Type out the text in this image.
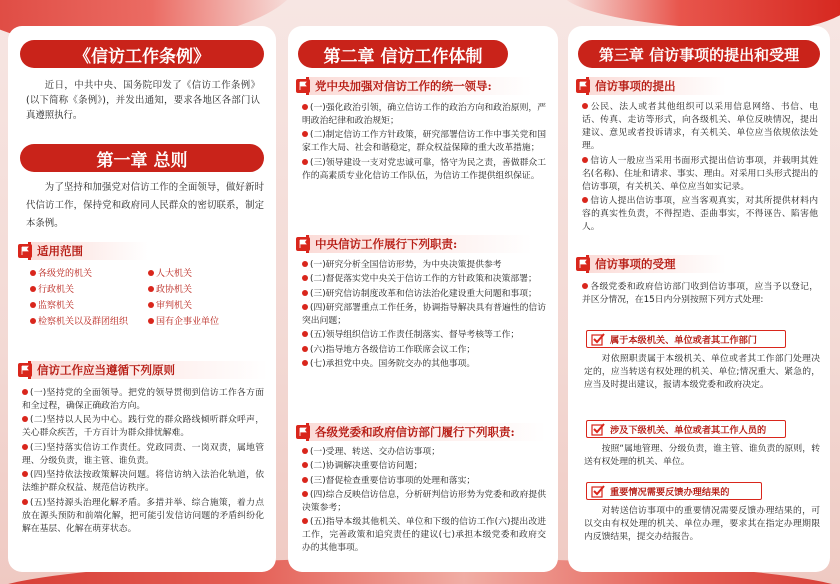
《信访工作条例》
近日，中共中央、国务院印发了《信访工作条例》(以下简称《条例》)，并发出通知，要求各地区各部门认真遵照执行。
第一章 总则
为了坚持和加强党对信访工作的全面领导，做好新时代信访工作，保持党和政府同人民群众的密切联系，制定本条例。
适用范围
各级党的机关	人大机关
行政机关	政协机关
监察机关	审判机关
检察机关以及群团组织	国有企事业单位
信访工作应当遵循下列原则
(一)坚持党的全面领导。把党的领导贯彻到信访工作各方面和全过程，确保正确政治方向。
(二)坚持以人民为中心。践行党的群众路线倾听群众呼声，关心群众疾苦，千方百计为群众排忧解难。
(三)坚持落实信访工作责任。党政同责、一岗双责，属地管理、分级负责，谁主管、谁负责。
(四)坚持依法按政策解决问题。将信访纳入法治化轨道，依法维护群众权益、规范信访秩序。
(五)坚持源头治理化解矛盾。多措并举、综合施策，着力点放在源头预防和前端化解，把可能引发信访问题的矛盾纠纷化解在基层、化解在萌芽状态。
第二章 信访工作体制
党中央加强对信访工作的统一领导:
(一)强化政治引领，确立信访工作的政治方向和政治原则，严明政治纪律和政治规矩；
(二)制定信访工作方针政策，研究部署信访工作中事关党和国家工作大局、社会和谐稳定，群众权益保障的重大改革措施；
(三)领导建设一支对党忠诚可靠，恪守为民之责，善做群众工作的高素质专业化信访工作队伍，为信访工作提供组织保证。
中央信访工作展行下列职责:
(一)研究分析全国信访形势，为中央决策提供参考
(二)督促落实党中央关于信访工作的方针政策和决策部署；
(三)研究信访制度改革和信访法治化建设重大问题和事项；
(四)研究部署重点工作任务，协调指导解决具有普遍性的信访突出问题；
(五)领导组织信访工作责任制落实、督导考核等工作；
(六)指导地方各级信访工作联席会议工作；
(七)承担党中央。国务院交办的其他事项。
各级党委和政府信访部门履行下列职责:
(一)受理、转送、交办信访事项；
(二)协调解决重要信访问题；
(三)督促检查重要信访事项的处理和落实；
(四)综合反映信访信息，分析研判信访形势为党委和政府提供决策参考；
(五)指导本级其他机关、单位和下级的信访工作(六)提出改进工作，完善政策和追究责任的建议(七)承担本级党委和政府交办的其他事项。
第三章 信访事项的提出和受理
信访事项的提出
公民、法人或者其他组织可以采用信息网络、书信、电话、传真、走访等形式，向各级机关、单位反映情况，提出建议、意见或者投诉请求，有关机关、单位应当依规依法处理。
信访人一般应当采用书面形式提出信访事项，并载明其姓名(名称)、住址和请求、事实、理由。对采用口头形式提出的信访事项，有关机关、单位应当如实记录。
信访人提出信访事项，应当客观真实，对其所提供材料内容的真实性负责，不得捏造、歪曲事实，不得诬告、陷害他人。
信访事项的受理
各级党委和政府信访部门收到信访事项，应当予以登记，并区分情况，在15日内分别按照下列方式处理:
属于本级机关、单位或者其工作部门
对依照职责属于本级机关、单位或者其工作部门处理决定的，应当转送有权处理的机关、单位;情况重大、紧急的，应当及时提出建议，报请本级党委和政府决定。
涉及下级机关、单位或者其工作人员的
按照“属地管理、分级负责，谁主管、谁负责的原则，转送有权处理的机关、单位。
重要情况需要反馈办理结果的
对转送信访事项中的重要情况需要反馈办理结果的，可以交由有权处理的机关、单位办理，要求其在指定办理期限内反馈结果，提交办结报告。
